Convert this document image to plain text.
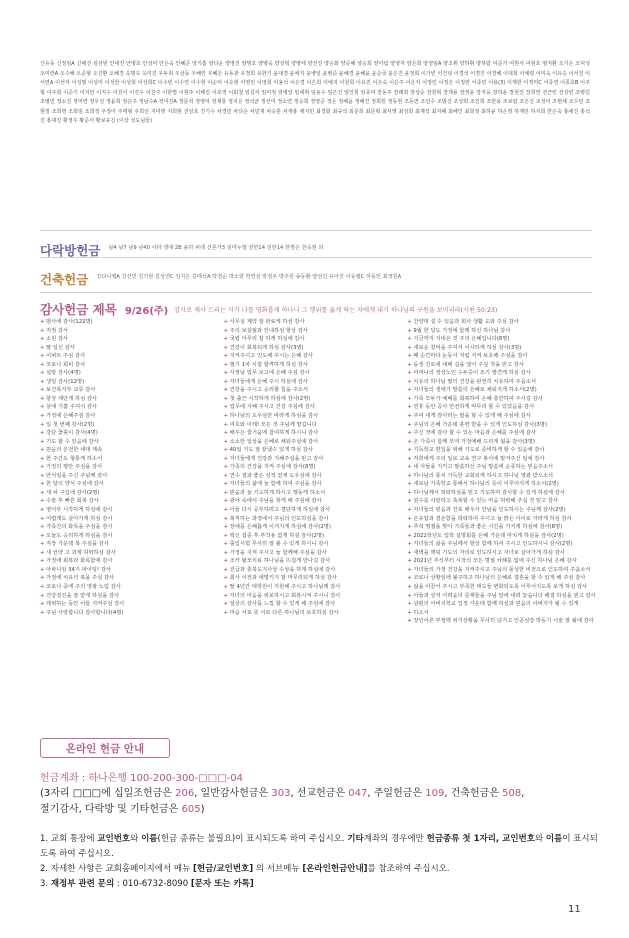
신유동 신정임A 신해진 심선빈 안대진 안명호 안성미 안은숙 안혜준 양기흠 양다운 양명진 양명호 양병욱 양상혁 양병태 양선진 양승화 양승혜 양승희 양아림 양영자 양은희 양정임A 양조휘 양하휘 양하람 여준기 여현서 여현호 염지환 오기은 오덕성 오미란A 오수해 오준형 오진환 오혜경 옥명옥 옥미진 우두희 우상동 우해린 우혜은 유동관 유정희 유한기 윤대경 윤에지 윤병일 윤병준 윤혜경 윤혜윤 윤순국 윤은진 윤정희 이가빈 이건녕 이경석 이경진 이경혜 이대희 이예령 이미옥 이유승 이서진 이서연A 이선자 이성범 이성미 이성한 이성희 이성희C 이수빈 이수연 이수현 이순덕 이승현 이영민 이영희 이용석 이은경 이은희 이예지 이원희 이유진 이은숙 이은주 이은지 이정민 이정은 이정란 이종민 이용(3) 이재한 이정미C 이종연 이종호B 이주형 이주희 이준기 이지민 이지수 이진이 이진우 이찬주 이한별 이현주 이해진 이호영 이회철 임길자 임미정 임병일 임세혁 임용수 임은진 임인희 임종덕 장동주 장래희 장상순 장원혁 장재용 장정윤 장지웅 장하윤 장현진 장희연 전근빈 전상빈 조병길 조병민 정소진 정미연 정우성 정윤희 정은주 정남수A 정덕진A 정문석 정영덕 정재룡 정지은 정석균 정선미 정소연 정승희 정영준 정은 정혜윤 정혜진 정희원 정동현 조동연 조민수 조범진 조상희 조진희 조한용 조보람 조은진 조성미 조현채 조수민 조현정 조희영 조희임 조희정 주정아 주태형 주희선 지미영 지희현 진상호 진기수 차경민 차다은 차민재 차승훈 차재홍 채지민 최경화 최규석 최문희 최문혁 최서영 최성희 최재석 최지혜 최혜인 최희정 최하윤 하은영 하재민 하지희 한은숙 홍예진 홍석진 홍대진 황정우 황준서 황보유진 (이상 성도님들)
다락방헌금 남4 남7 남9 남40 사라 생애 2B 솔라 피테 신혼가3 임마누엘 전한14 전한14 한명은 한숙현 외
건축헌금 강다니엘A 강선민 김기현 김성연C 김지은 김태석A 박경순 박소향 박연실 박정우 박주원 송동환 양선진 유아진 이동필C 자동민 최정원A
감사헌금 제목 9/26(주) 감사로 제사 드리는 자가 나를 영화롭게 하나니 그 행위를 옳게 하는 자에게 내가 하나님의 구원을 보이리라(시편 50:23)
+ 범사에 감사(122명)
+ 직정 감사
+ 소원 감사
+ 딸 일신 감사
+ 이퍼트 주심 감사
+ 코로나 회피 감사
+ 심방 감사(4명)
+ 생일 감사(12명)
+ 보건복지부 교류 감사
+ 항상 제단게 하심 감사
+ 살에 기쁨 주셔서 감사
+ 가정에 은혜주심 감사
+ 일 첫 번째 감사(2명)
+ 강단 꽃꽂이 감사(4명)
+ 기도 할 수 있음에 감사
+ 믿음의 온전한 세대 계속
+ 한 주간도 형통케 하소서
+ 가정의 평안 주심을 감사
+ 안식일을 주신 주님께 감사
+ 한 달의 양식 주심에 감사
+ 새 차 구입에 감사(2명)
+ 수술 후 빠른 회복 감사
+ 영어부 시작하게 하심에 감사
+ 어렵게도 살아가게 하심 감사
+ 가족간의 화목을 주심을 감사
+ 오늘도 승리하게 하심을 감사
+ 직장 가운데 복 주심을 감사
+ 새 언약 고 과제 허락하심 감사
+ 가정에 회복과 화목함에 감사
+ 아파니임 34기 파이팅! 감사
+ 가정에 치유의 복을 주심 감사
+ 코로나 중에 주의 영광 노림 감사
+ 건강검진을 잘 받게 하심을 감사
+ 레위하는 동안 이들 지켜주심 감사
+ 주님 사랑합니다 감사합니다(4명)
+ 사무실 계약 잘 완료케 하심 감사
+ 주의 보살핌과 인내하심 항상 감사
+ 국립 아무리 잘 하게 하심에 감사
+ 건강이 회복되게 하심 감사(3명)
+ 지켜주시고 인도해 주시는 은혜 감사
+ 필기 1차 시험 합격하게 하심 감사
+ 사정님 업무 보고에 은혜 주심 감사
+ 자녀들에게 은혜 주시 하심에 감사
+ 건강을 주시고 승리할 힘을 주소서
+ 첫 출근 시작하게 하심에 감사(2명)
+ 업무에 지혜 주시고 건강 주심에 감사
+ 하나님의 도우심만 바라게 하심을 감사
+ 여호와 이레! 모든 것 주님께 맡깁니다
+ 배우는 즐거움에 참여하게 하시니 감사
+ 소소한 일상을 은혜로 채워주심에 감사
+ 40일 기도 잘 끝냈수 있게 하심 감사
+ 자녀들에게 건강과 지혜주심을 믿고 감사
+ 가족의 건강을 지켜 주심에 감사(8명)
+ 연수 결과 좋은 성적 얻게 도우심에 감사
+ 자녀들의 삶에 늘 함께 하여 주심을 감사
+ 믿음과 늘 기도하게 하시고 행동케 하소서
+ 광야 속에서 주님을 찾게 해 주심에 감사
+ 아들 다시 공부하려고 결단하게 하심에 감사
+ 복직하는 과정에서 주님의 인도하심을 감사
+ 장애를 은혜롭게 이겨지게 하심에 감사(2명)
+ 백신 접종 후 부작용 없게 하심 감사(2명)
+ 출입시험 무사히 잘 볼 수 있게 하시니 감사
+ 가정을 지켜 주시고 늘 함께해 주심을 감사
+ 조카 탈모치료 하나님을 뜨겁게 만나길 감사
+ 진급과 충북도지사상 수상을 하게 하심에 감사
+ 회사 이전과 애벌키지 잘 마무리되게 하심 감사
+ 딸 4년간 대학원이 지원해 주시고 하나님께 감사
+ 자녀의 마음을 위로하시고 회복시켜 주시니 감사
+ 일상의 감사를 느낄 할 수 있게 해 주심에 감사
+ 마음 서로 뜻 서로 다른 하나님의 보호하심 감사
+ 찬양대 설 수 있음과 회사 생활 도와 주심 감사
+ 9월 한 달도 가정에 함께 하신 하나님 감사
+ 지금까지 지내온 것 주의 은혜입니다(8명)
+ 새로운 창막을 주셔서 이사하게 하심 감사(3명)
+ 때 순간마다 눈동자 처럼 지켜 보호해 주심을 감사
+ 동생 진로에 대해 길을 열어 주실 것을 믿고 감사
+ 어머니의 정상노인 수두증이 조기 발견케 하심 감사
+ 치유의 하나님 딸의 건강을 완전히 치유하여 주옵소서
+ 자녀들의 생애가 말씀의 은혜로 채워지게 하소서(2명)
+ 가족 모두가 예배를 회복하여 은혜 충만하여 주시길 감사
+ 연휴 동안 공사 안전하게 마무리 할 수 있었음을 감사
+ 주여 내게 감사라는 말을 할 수 있게 해 주심에 감사
+ 주님의 은혜 가운데 훈련 받을 수 있게 인도하심 감사(3명)
+ 주신 것에 감사 할 수 있는 마음과 은혜를 주심에 감사
+ 온 가족이 함께 모여 가정예배 드리게 됨을 감사(3명)
+ 기독학교 편입을 위해 기도로 준비하게 할 수 있음에 감사
+ 저희에게 주의 일로 교육 연구 봉사에 맡겨주신 일에 감사
+ 네 아들을 지키고 말씀하신 주님 말씀에 순종하는 믿음주소서
+ 하나님의 통치 가득한 교회되게 하시고 하나님 영광 받으소서
+ 새로남 가족학교 통해서 하나님의 뜻이 이루어지게 하소서(2명)
+ 하나님께서 허락하심을 믿고 기도하며 감사할 수 있게 하심에 감사
+ 원수를 사랑하고 축복할 수 있는 마음 허락해 주실 것 믿고 감사
+ 자녀들의 믿음과 진로 배우자 만남을 인도하시는 주님께 감사(2명)
+ 온유함과 겸손함을 허락하여 주시고 늘 밝은 아이로 자라게 하심 감사
+ 추석 명절을 맞아 가족들과 좋은 시간을 가지게 하심에 감사(8명)
+ 2022학년도 입학 설명회를 은혜 가운데 마치게 하심을 감사(2명)
+ 자녀들의 삶을 주님께서 항상 함께 하여 주시고 인도하시니 감사(2명)
+ 새벽을 깨워 기도의 자리로 인도하시고 자녀로 살아가게 하심 감사
+ 2021년 추석부터 시작의 모든 명절 차례를 없애 주신 하나님 은혜 감사
+ 자녀들의 가정 건강을 지켜주시고 주님의 풍성한 비전으로 인도하여 주옵소서
+ 코로나 상황임에 불구하고 하나님의 은혜로 결혼을 할 수 있게 해 주심 감사
+ 삶을 이끌어 주시고 부족한 태도들 변화되도록 이루어지도록 보게 하심 감사
+ 아들과 상처 어려움의 문제들을 주님 앞에 내려 놓습니다 해결 하심을 믿고 감사
+ 남편의 아버지학교 입정 가운데 함께 하심과 믿음의 아버지가 될 수 있게
+ 하소서
+ 장인어른 부정맥 위기상황을 무사히 넘기고 인공심장 박동기 시술 잘 될에 감사
온라인 헌금 안내
헌금계좌 : 하나은행 100-200-300-□□□-04
(3자리 □□□에 십일조헌금은 206, 일반감사헌금은 303, 선교헌금은 047, 주일헌금은 109, 건축헌금은 508,
절기감사, 다락방 및 기타헌금은 605)
1. 교회 통장에 교인번호와 이름(헌금 종류는 불필요)이 표시되도록 하여 주십시오. 기타계좌의 경우에만 헌금종류 첫 1자리, 교인번호와 이름이 표시되도록 하여 주십시오.
2. 자세한 사항은 교회홈페이지에서 메뉴 [헌금/교인번호] 의 서브메뉴 [온라인헌금안내]를 참조하여 주십시오.
3. 재정부 관련 문의 : 010-6732-8090 [문자 또는 카톡]
11
